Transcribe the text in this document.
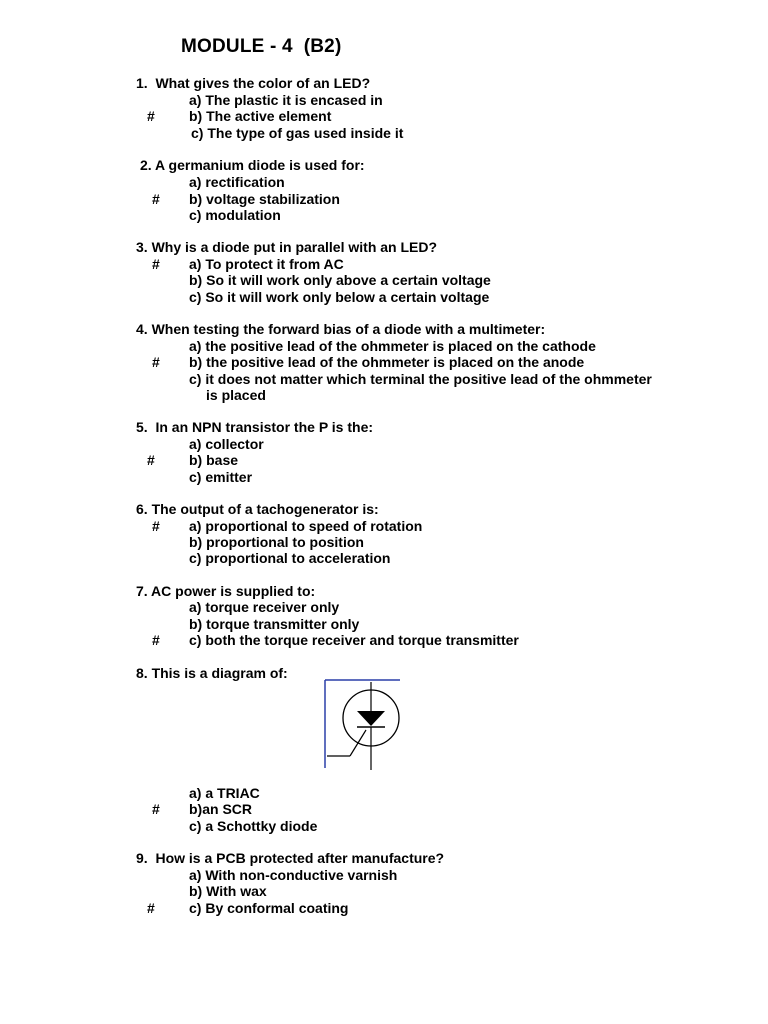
MODULE - 4  (B2)
1.  What gives the color of an LED?
a) The plastic it is encased in
# b) The active element
c) The type of gas used inside it
2. A germanium diode is used for:
a) rectification
# b) voltage stabilization
c) modulation
3. Why is a diode put in parallel with an LED?
# a) To protect it from AC
b) So it will work only above a certain voltage
c) So it will work only below a certain voltage
4. When testing the forward bias of a diode with a multimeter:
a) the positive lead of the ohmmeter is placed on the cathode
# b) the positive lead of the ohmmeter is placed on the anode
c) it does not matter which terminal the positive lead of the ohmmeter
is placed
5.  In an NPN transistor the P is the:
a) collector
# b) base
c) emitter
6. The output of a tachogenerator is:
# a) proportional to speed of rotation
b) proportional to position
c) proportional to acceleration
7. AC power is supplied to:
a) torque receiver only
b) torque transmitter only
# c) both the torque receiver and torque transmitter
8. This is a diagram of:
a) a TRIAC
# b)an SCR
c) a Schottky diode
9.  How is a PCB protected after manufacture?
a) With non-conductive varnish
b) With wax
# c) By conformal coating
